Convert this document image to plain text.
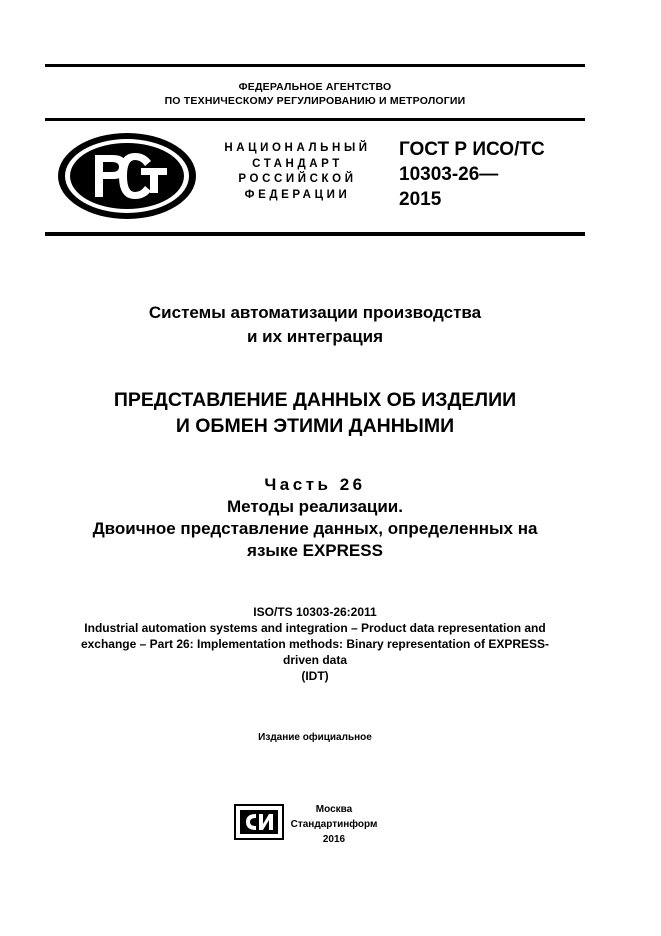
ФЕДЕРАЛЬНОЕ АГЕНТСТВО
ПО ТЕХНИЧЕСКОМУ РЕГУЛИРОВАНИЮ И МЕТРОЛОГИИ
НАЦИОНАЛЬНЫЙ
СТАНДАРТ
РОССИЙСКОЙ
ФЕДЕРАЦИИ
ГОСТ Р ИСО/ТС
10303-26—
2015
Системы автоматизации производства
и их интеграция
ПРЕДСТАВЛЕНИЕ ДАННЫХ ОБ ИЗДЕЛИИ
И ОБМЕН ЭТИМИ ДАННЫМИ
Часть 26
Методы реализации.
Двоичное представление данных, определенных на
языке EXPRESS
ISO/TS 10303-26:2011
Industrial automation systems and integration – Product data representation and
exchange – Part 26: Implementation methods: Binary representation of EXPRESS-
driven data
(IDT)
Издание официальное
Москва
Стандартинформ
2016
